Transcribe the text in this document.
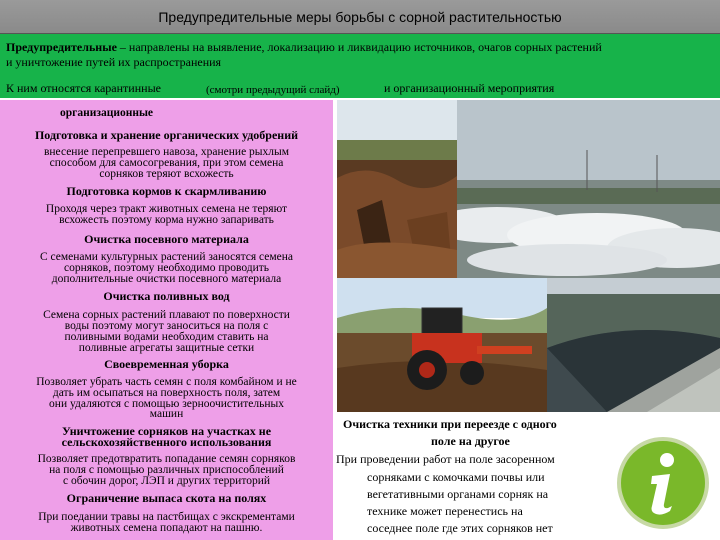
Предупредительные меры борьбы с сорной растительностью
Предупредительные – направлены на выявление, локализацию и ликвидацию источников, очагов сорных растений
и уничтожение путей их распространения
К ним относятся карантинные	(смотри предыдущий слайд)	и организационный мероприятия
организационные
Подготовка и хранение органических удобрений
внесение перепревшего навоза, хранение рыхлым
способом для самосогревания, при этом семена
сорняков теряют всхожесть
Подготовка кормов к скармливанию
Проходя через тракт животных семена не теряют
всхожесть поэтому корма нужно запаривать
Очистка посевного материала
С семенами культурных растений заносятся семена
сорняков, поэтому необходимо проводить
дополнительные очистки посевного материала
Очистка поливных вод
Семена сорных растений плавают по поверхности
воды поэтому могут заноситься на поля с
поливными водами необходим ставить на
поливные агрегаты защитные сетки
Своевременная уборка
Позволяет убрать часть семян с поля комбайном и не
дать им осыпаться на поверхность поля, затем
они удаляются с помощью зерноочистительных
машин
Уничтожение сорняков на участках не
сельскохозяйственного использования
Позволяет предотвратить попадание семян сорняков
на поля с помощью различных приспособлений
с обочин дорог, ЛЭП и других территорий
Ограничение выпаса скота на полях
При поедании травы на пастбищах с экскрементами
животных семена попадают на пашню.
Очистка техники при переезде с одного
поле на другое
При проведении работ на поле засоренном
сорняками с комочками почвы или
вегетативными органами сорняк на
технике может перенестись на
соседнее поле где этих сорняков нет
